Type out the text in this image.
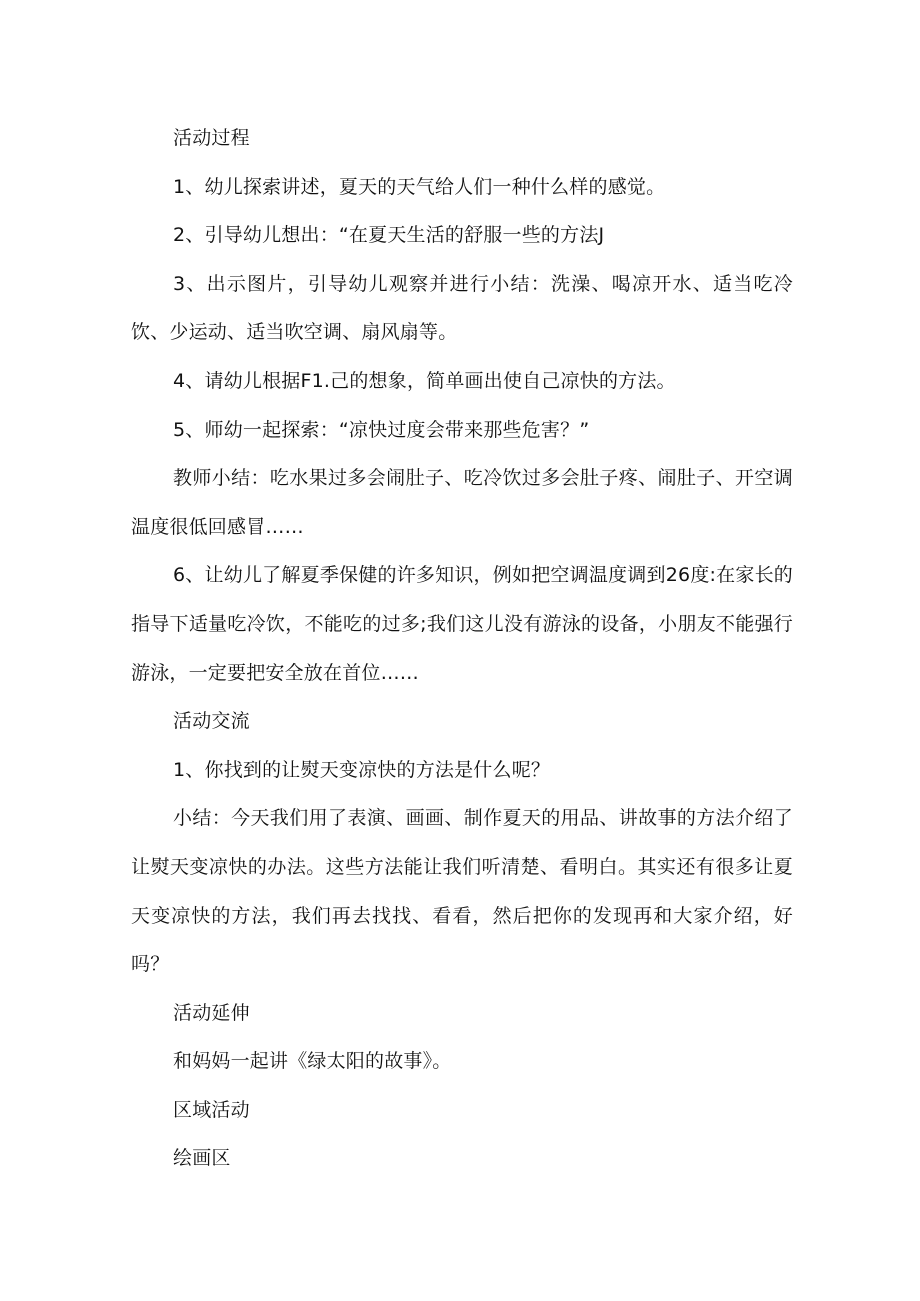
活动过程

1、幼儿探索讲述，夏天的天气给人们一种什么样的感觉。

2、引导幼儿想出：“在夏天生活的舒服一些的方法J

3、出示图片，引导幼儿观察并进行小结：洗澡、喝凉开水、适当吃冷饮、少运动、适当吹空调、扇风扇等。

4、请幼儿根据F1.己的想象，简单画出使自己凉快的方法。

5、师幼一起探索：“凉快过度会带来那些危害？”

教师小结：吃水果过多会闹肚子、吃冷饮过多会肚子疼、闹肚子、开空调温度很低回感冒……

6、让幼儿了解夏季保健的许多知识，例如把空调温度调到26度:在家长的指导下适量吃冷饮，不能吃的过多;我们这儿没有游泳的设备，小朋友不能强行游泳，一定要把安全放在首位……

活动交流

1、你找到的让熨天变凉快的方法是什么呢？

小结：今天我们用了表演、画画、制作夏天的用品、讲故事的方法介绍了让熨天变凉快的办法。这些方法能让我们听清楚、看明白。其实还有很多让夏天变凉快的方法，我们再去找找、看看，然后把你的发现再和大家介绍，好吗？

活动延伸

和妈妈一起讲《绿太阳的故事》。

区域活动

绘画区
